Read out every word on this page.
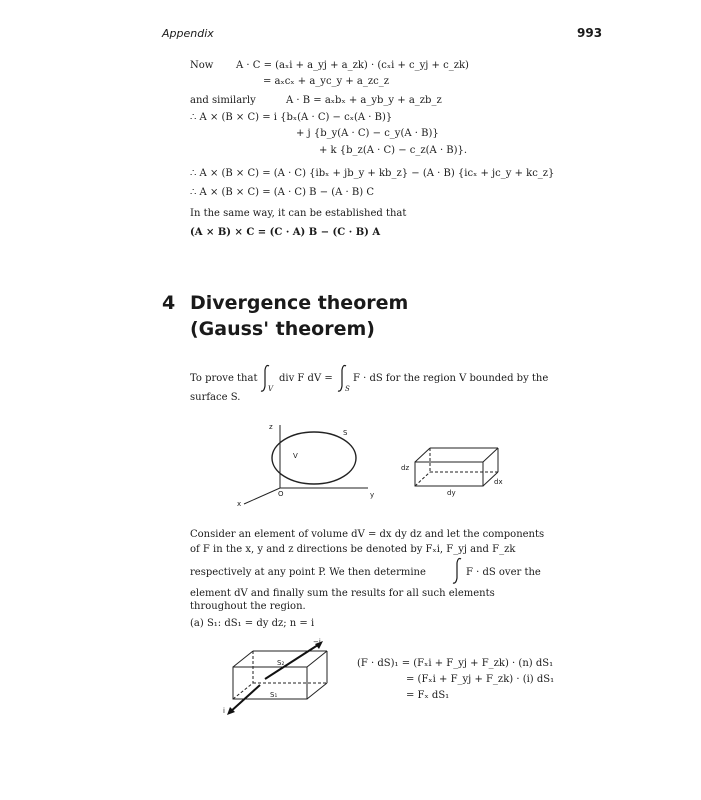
Appendix	993
Now A · C = (aₓi + a_yj + a_zk) · (cₓi + c_yj + c_zk)
= aₓcₓ + a_yc_y + a_zc_z
and similarly	A · B = aₓbₓ + a_yb_y + a_zb_z
∴ A × (B × C) = i {bₓ(A · C) − cₓ(A · B)}
+ j {b_y(A · C) − c_y(A · B)}
+ k {b_z(A · C) − c_z(A · B)}.
∴ A × (B × C) = (A · C) {ibₓ + jb_y + kb_z} − (A · B) {icₓ + jc_y + kc_z}
∴ A × (B × C) = (A · C) B − (A · B) C
In the same way, it can be established that
(A × B) × C = (C · A) B − (C · B) A
4 Divergence theorem
(Gauss' theorem)
To prove that
V
div F dV =
S
F · dS for the region V bounded by the
surface S.
z
S
V
O
x
y
dz
dy
dx
Consider an element of volume dV = dx dy dz and let the components
of F in the x, y and z directions be denoted by Fₓi, F_yj and F_zk
respectively at any point P. We then determine	F · dS over the
element dV and finally sum the results for all such elements
throughout the region.
(a) S₁: dS₁ = dy dz; n = i
−i
S₂
S₁
i
(F · dS)₁ = (Fₓi + F_yj + F_zk) · (n) dS₁
= (Fₓi + F_yj + F_zk) · (i) dS₁
= Fₓ dS₁
